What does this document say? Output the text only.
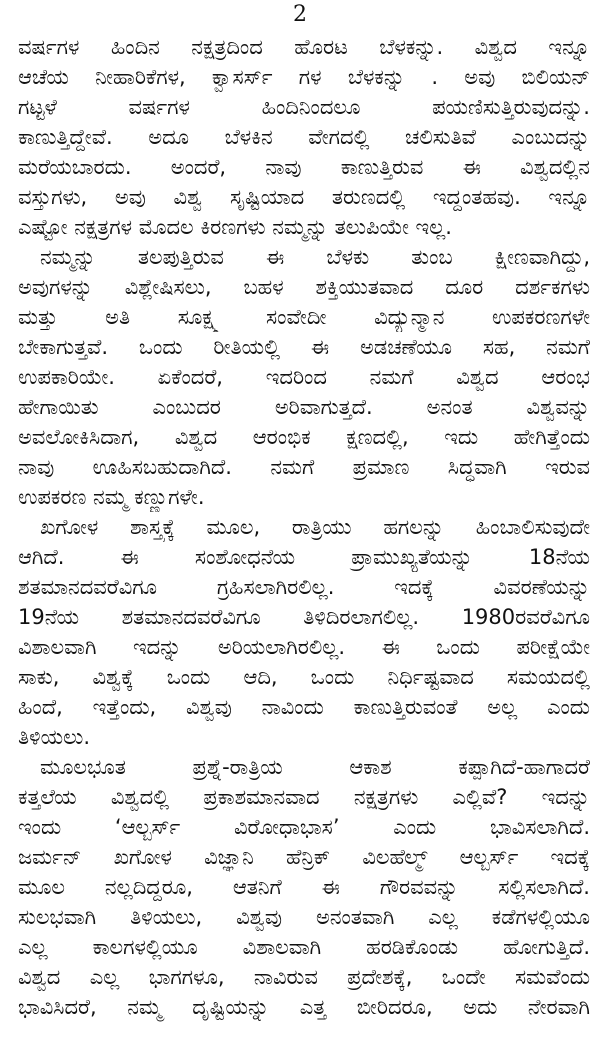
2
ವರ್ಷಗಳ ಹಿಂದಿನ ನಕ್ಷತ್ರದಿಂದ ಹೊರಟ ಬೆಳಕನ್ನು. ವಿಶ್ವದ ಇನ್ನೂ
ಆಚೆಯ ನೀಹಾರಿಕೆಗಳ, ಕ್ವಾಸರ್ಸ್ ಗಳ ಬೆಳಕನ್ನು . ಅವು ಬಿಲಿಯನ್
ಗಟ್ಟಳೆ ವರ್ಷಗಳ ಹಿಂದಿನಿಂದಲೂ ಪಯಣಿಸುತ್ತಿರುವುದನ್ನು.
ಕಾಣುತ್ತಿದ್ದೇವೆ. ಅದೂ ಬೆಳಕಿನ ವೇಗದಲ್ಲಿ ಚಲಿಸುತಿವೆ ಎಂಬುದನ್ನು
ಮರೆಯಬಾರದು. ಅಂದರೆ, ನಾವು ಕಾಣುತ್ತಿರುವ ಈ ವಿಶ್ವದಲ್ಲಿನ
ವಸ್ತುಗಳು, ಅವು ವಿಶ್ವ ಸೃಷ್ಟಿಯಾದ ತರುಣದಲ್ಲಿ ಇದ್ದಂತಹವು. ಇನ್ನೂ
ಎಷ್ಟೋ ನಕ್ಷತ್ರಗಳ ಮೊದಲ ಕಿರಣಗಳು ನಮ್ಮನ್ನು ತಲುಪಿಯೇ ಇಲ್ಲ.
ನಮ್ಮನ್ನು ತಲಪುತ್ತಿರುವ ಈ ಬೆಳಕು ತುಂಬ ಕ್ಷೀಣವಾಗಿದ್ದು,
ಅವುಗಳನ್ನು ವಿಶ್ಲೇಷಿಸಲು, ಬಹಳ ಶಕ್ತಿಯುತವಾದ ದೂರ ದರ್ಶಕಗಳು
ಮತ್ತು ಅತಿ ಸೂಕ್ಷ್ಮ ಸಂವೇದೀ ವಿದ್ಯುನ್ಮಾನ ಉಪಕರಣಗಳೇ
ಬೇಕಾಗುತ್ತವೆ. ಒಂದು ರೀತಿಯಲ್ಲಿ ಈ ಅಡಚಣೆಯೂ ಸಹ, ನಮಗೆ
ಉಪಕಾರಿಯೇ. ಏಕೆಂದರೆ, ಇದರಿಂದ ನಮಗೆ ವಿಶ್ವದ ಆರಂಭ
ಹೇಗಾಯಿತು ಎಂಬುದರ ಅರಿವಾಗುತ್ತದೆ. ಅನಂತ ವಿಶ್ವವನ್ನು
ಅವಲೋಕಿಸಿದಾಗ, ವಿಶ್ವದ ಆರಂಭಿಕ ಕ್ಷಣದಲ್ಲಿ, ಇದು ಹೇಗಿತ್ತೆಂದು
ನಾವು ಊಹಿಸಬಹುದಾಗಿದೆ. ನಮಗೆ ಪ್ರಮಾಣ ಸಿದ್ಧವಾಗಿ ಇರುವ
ಉಪಕರಣ ನಮ್ಮ ಕಣ್ಣುಗಳೇ.
ಖಗೋಳ ಶಾಸ್ತ್ರಕ್ಕೆ ಮೂಲ, ರಾತ್ರಿಯು ಹಗಲನ್ನು ಹಿಂಬಾಲಿಸುವುದೇ
ಆಗಿದೆ. ಈ ಸಂಶೋಧನೆಯ ಪ್ರಾಮುಖ್ಯತೆಯನ್ನು 18ನೆಯ
ಶತಮಾನದವರೆವಿಗೂ ಗ್ರಹಿಸಲಾಗಿರಲಿಲ್ಲ. ಇದಕ್ಕೆ ವಿವರಣೆಯನ್ನು
19ನೆಯ ಶತಮಾನದವರೆವಿಗೂ ತಿಳಿದಿರಲಾಗಲಿಲ್ಲ. 1980ರವರೆವಿಗೂ
ವಿಶಾಲವಾಗಿ ಇದನ್ನು ಅರಿಯಲಾಗಿರಲಿಲ್ಲ. ಈ ಒಂದು ಪರೀಕ್ಷೆಯೇ
ಸಾಕು, ವಿಶ್ವಕ್ಕೆ ಒಂದು ಆದಿ, ಒಂದು ನಿರ್ಧಿಷ್ಟವಾದ ಸಮಯದಲ್ಲಿ
ಹಿಂದೆ, ಇತ್ತೆಂದು, ವಿಶ್ವವು ನಾವಿಂದು ಕಾಣುತ್ತಿರುವಂತೆ ಅಲ್ಲ ಎಂದು
ತಿಳಿಯಲು.
ಮೂಲಭೂತ ಪ್ರಶ್ನೆ-ರಾತ್ರಿಯ ಆಕಾಶ ಕಪ್ಪಾಗಿದೆ-ಹಾಗಾದರೆ
ಕತ್ತಲೆಯ ವಿಶ್ವದಲ್ಲಿ ಪ್ರಕಾಶಮಾನವಾದ ನಕ್ಷತ್ರಗಳು ಎಲ್ಲಿವೆ? ಇದನ್ನು
ಇಂದು ‘ಆಲ್ಬರ್ಸ್ ವಿರೋಧಾಭಾಸ’ ಎಂದು ಭಾವಿಸಲಾಗಿದೆ.
ಜರ್ಮನ್ ಖಗೋಳ ವಿಜ್ಞಾನಿ ಹೆನ್ರಿಕ್ ವಿಲಹೆಲ್ಮ್ ಆಲ್ಬರ್ಸ್ ಇದಕ್ಕೆ
ಮೂಲ ನಲ್ಲದಿದ್ದರೂ, ಆತನಿಗೆ ಈ ಗೌರವವನ್ನು ಸಲ್ಲಿಸಲಾಗಿದೆ.
ಸುಲಭವಾಗಿ ತಿಳಿಯಲು, ವಿಶ್ವವು ಅನಂತವಾಗಿ ಎಲ್ಲ ಕಡೆಗಳಲ್ಲಿಯೂ
ಎಲ್ಲ ಕಾಲಗಳಲ್ಲಿಯೂ ವಿಶಾಲವಾಗಿ ಹರಡಿಕೊಂಡು ಹೋಗುತ್ತಿದೆ.
ವಿಶ್ವದ ಎಲ್ಲ ಭಾಗಗಳೂ, ನಾವಿರುವ ಪ್ರದೇಶಕ್ಕೆ, ಒಂದೇ ಸಮವೆಂದು
ಭಾವಿಸಿದರೆ, ನಮ್ಮ ದೃಷ್ಟಿಯನ್ನು ಎತ್ತ ಬೀರಿದರೂ, ಅದು ನೇರವಾಗಿ
